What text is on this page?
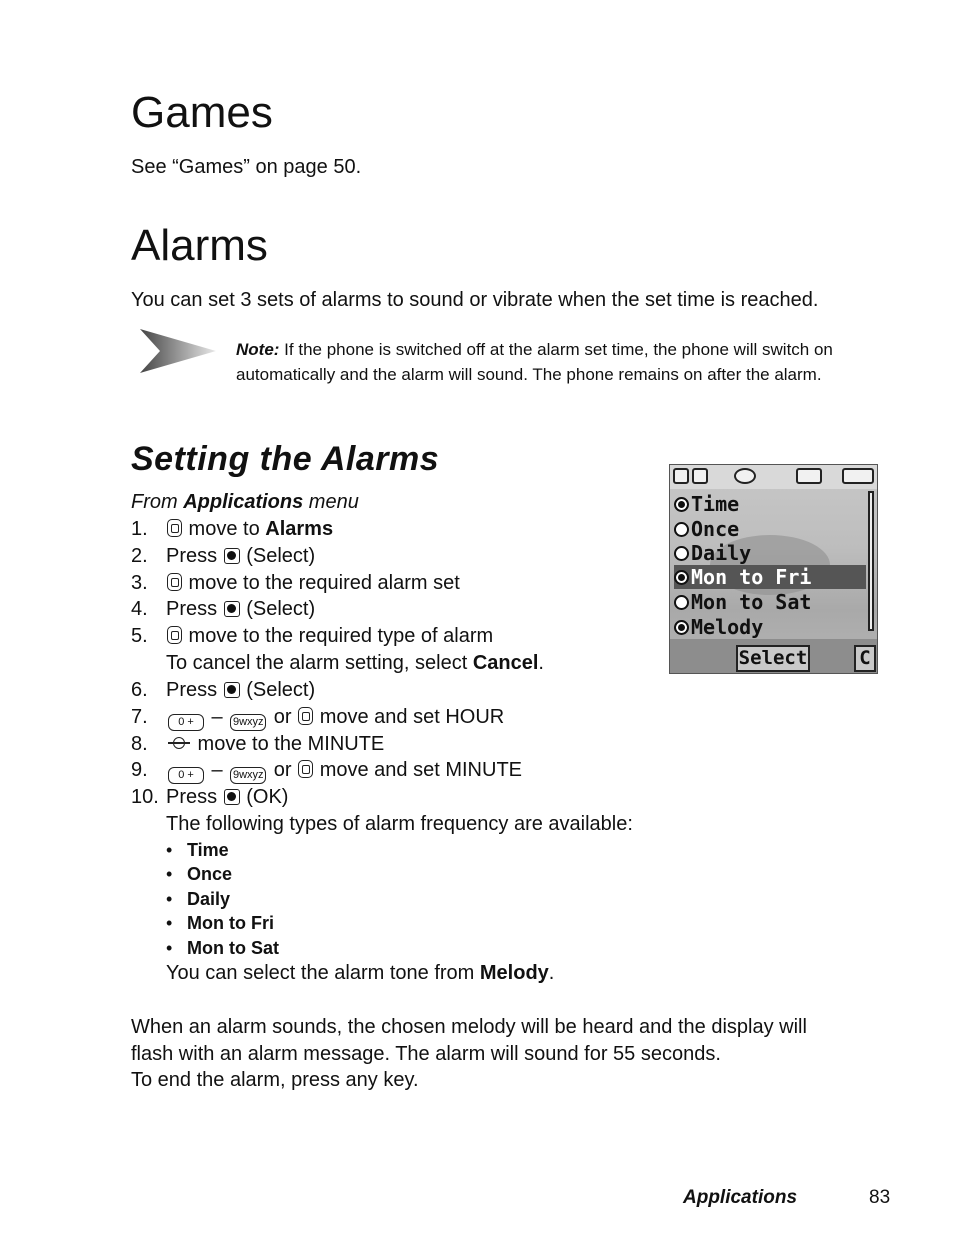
Games
See “Games” on page 50.
Alarms
You can set 3 sets of alarms to sound or vibrate when the set time is reached.
Note: If the phone is switched off at the alarm set time, the phone will switch on automatically and the alarm will sound. The phone remains on after the alarm.
Setting the Alarms
From Applications menu
1. move to Alarms
2. Press  (Select)
3. move to the required alarm set
4. Press  (Select)
5. move to the required type of alarm
To cancel the alarm setting, select Cancel.
6. Press  (Select)
7.	0 + – 9wxyz or  move and set HOUR
8. move to the MINUTE
9.	0 + – 9wxyz or  move and set MINUTE
10. Press  (OK)
The following types of alarm frequency are available:
• Time
• Once
• Daily
• Mon to Fri
• Mon to Sat
You can select the alarm tone from Melody.
When an alarm sounds, the chosen melody will be heard and the display will
flash with an alarm message. The alarm will sound for 55 seconds.
To end the alarm, press any key.
Time
Once
Daily
Mon to Fri
Mon to Sat
Melody
Select	C
Applications	83
